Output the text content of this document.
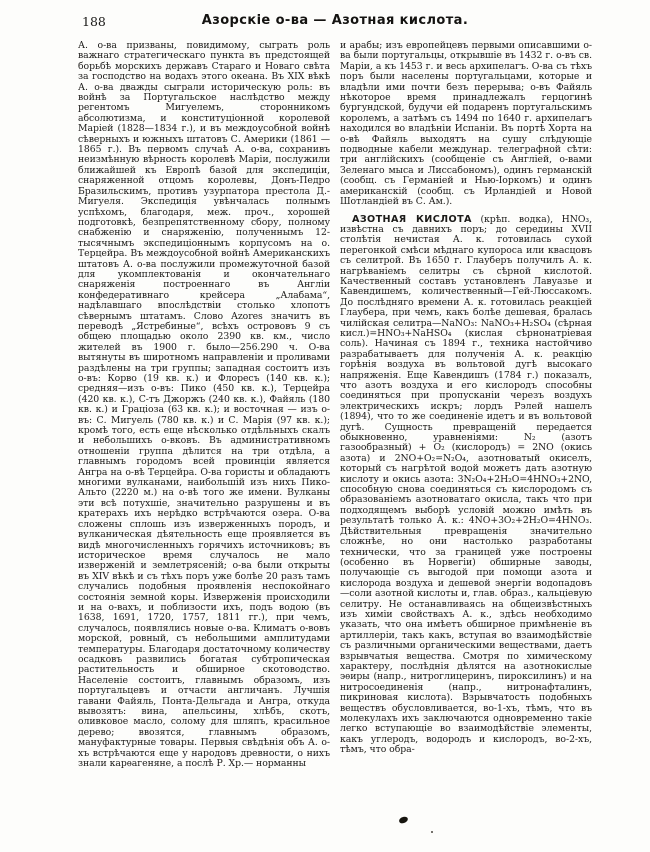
188	Азорскіе о-ва — Азотная кислота.

А. о-ва призваны, повидимому, сыграть роль важнаго стратегическаго пункта въ предстоящей борьбѣ морскихъ державъ Стараго и Новаго свѣта за господство на водахъ этого океана. Въ XIX вѣкѣ А. о-ва дважды сыграли историческую роль: въ войнѣ за Португальское наслѣдство между регентомъ Мигуелемъ, сторонникомъ абсолютизма, и конституціонной королевой Маріей (1828—1834 г.), и въ междоусобной войнѣ сѣверныхъ и южныхъ штатовъ С. Америки (1861 — 1865 г.). Въ первомъ случаѣ А. о-ва, сохранивъ неизмѣнную вѣрность королевѣ Маріи, послужили ближайшей къ Европѣ базой для экспедиціи, снаряженной отцомъ королевы, Донъ-Педро Бразильскимъ, противъ узурпатора престола Д.-Мигуеля. Экспедиція увѣнчалась полнымъ успѣхомъ, благодаря, меж. проч., хорошей подготовкѣ, безпрепятственному сбору, полному снабженію и снаряженію, полученнымъ 12-тысячнымъ экспедиціоннымъ корпусомъ на о. Терцейра. Въ междоусобной войнѣ Американскихъ штатовъ А. о-ва послужили промежуточной базой для укомплектованія и окончательнаго снаряженія построеннаго въ Англіи конфедеративнаго крейсера „Алабама“, надѣлавшаго впослѣдствіи столько хлопотъ сѣвернымъ штатамъ. Слово Azores значитъ въ переводѣ „Ястребиные“, всѣхъ острововъ 9 съ общею площадью около 2390 кв. км., число жителей въ 1900 г. было—256.290 ч. О-ва вытянуты въ широтномъ направленіи и проливами раздѣлены на три группы; западная состоитъ изъ о-въ: Корво (19 кв. к.) и Флоресъ (140 кв. к.); средняя—изъ о-въ: Пико (450 кв. к.), Терцейра (420 кв. к.), С-тъ Джоржъ (240 кв. к.), Файяль (180 кв. к.) и Граціоза (63 кв. к.); и восточная — изъ о-въ: С. Мигуель (780 кв. к.) и С. Марія (97 кв. к.); кромѣ того, есть еще нѣсколько отдѣльныхъ скалъ и небольшихъ о-вковъ. Въ административномъ отношеніи группа дѣлится на три отдѣла, а главнымъ городомъ всей провинціи является Ангра на о-вѣ Терцейра. О-ва гористы и обладаютъ многими вулканами, наибольшій изъ нихъ Пико-Альто (2220 м.) на о-вѣ того же имени. Вулканы эти всѣ потухшіе, значительно разрушены и въ кратерахъ ихъ нерѣдко встрѣчаются озера. О-ва сложены сплошь изъ изверженныхъ породъ, и вулканическая дѣятельность еще проявляется въ видѣ многочисленныхъ горячихъ источниковъ; въ историческое время случалось не мало изверженій и землетрясеній; о-ва были открыты въ XIV вѣкѣ и съ тѣхъ поръ уже болѣе 20 разъ тамъ случались подобныя проявленія неспокойнаго состоянія земной коры. Изверженія происходили и на о-вахъ, и поблизости ихъ, подъ водою (въ 1638, 1691, 1720, 1757, 1811 гг.), при чемъ, случалось, появлялись новые о-ва. Климатъ о-вовъ морской, ровный, съ небольшими амплитудами температуры. Благодаря достаточному количеству осадковъ развились богатая субтропическая растительность и обширное скотоводство. Населеніе состоитъ, главнымъ образомъ, изъ португальцевъ и отчасти англичанъ. Лучшія гавани Файяль, Понта-Дельгада и Ангра, откуда вывозятъ: вина, апельсины, хлѣбъ, скотъ, оливковое масло, солому для шляпъ, красильное дерево; ввозятся, главнымъ образомъ, мануфактурные товары. Первыя свѣдѣнія объ А. о-хъ встрѣчаются еще у народовъ древности, о нихъ знали карѳагеняне, а послѣ Р. Хр.— норманны

и арабы; изъ европейцевъ первыми описавшими о-ва были португальцы, открывшіе въ 1432 г. о-въ св. Маріи, а къ 1453 г. и весь архипелагъ. О-ва съ тѣхъ поръ были населены португальцами, которые и владѣли ими почти безъ перерыва; о-въ Файяль нѣкоторое время принадлежалъ герцогинѣ бургундской, будучи ей подаренъ португальскимъ королемъ, а затѣмъ съ 1494 по 1640 г. архипелагъ находился во владѣніи Испаніи. Въ портѣ Хорта на о-вѣ Файяль выходятъ на сушу слѣдующіе подводные кабели междунар. телеграфной сѣти: три англійскихъ (сообщеніе съ Англіей, о-вами Зеленаго мыса и Лиссабономъ), одинъ германскій (сообщ. съ Германіей и Нью-Іоркомъ) и одинъ американскій (сообщ. съ Ирландіей и Новой Шотландіей въ С. Ам.).

АЗОТНАЯ КИСЛОТА (крѣп. водка), HNO₃, извѣстна съ давнихъ поръ; до середины XVII столѣтія нечистая А. к. готовилась сухой перегонкой смѣси мѣднаго купороса или квасцовъ съ селитрой. Въ 1650 г. Глауберъ получилъ А. к. нагрѣваніемъ селитры съ сѣрной кислотой. Качественный составъ установленъ Лавуазье и Кавендишемъ, количественный—Гей-Люссакомъ. До послѣдняго времени А. к. готовилась реакціей Глаубера, при чемъ, какъ болѣе дешевая, бралась чилійская селитра—NaNO₃: NaNO₃+H₂SO₄ (сѣрная кисл.)=HNO₃+NaHSO₄ (кислая сѣрнонатріевая соль). Начиная съ 1894 г., техника настойчиво разрабатываетъ для полученія А. к. реакцію горѣнія воздуха въ вольтовой дугѣ высокаго напряженія. Еще Кавендишъ (1784 г.) показалъ, что азотъ воздуха и его кислородъ способны соединяться при пропусканіи черезъ воздухъ электрическихъ искръ; лордъ Рэлей нашелъ (1894), что то же соединеніе идетъ и въ вольтовой дугѣ. Сущность превращеній передается обыкновенно, уравненіями: N₂ (азотъ газообразный) + O₂ (кислородъ) = 2NO (окись азота) и 2NO+O₂=N₂O₄, азотноватый окиселъ, который съ нагрѣтой водой можетъ дать азотную кислоту и окись азота: 3N₂O₄+2H₂O=4HNO₃+2NO, способную снова соединяться съ кислородомъ съ образованіемъ азотноватаго окисла, такъ что при подходящемъ выборѣ условій можно имѣть въ результатѣ только А. к.: 4NO+3O₂+2H₂O=4HNO₃. Дѣйствительныя превращенія значительно сложнѣе, но они настолько разработаны технически, что за границей уже построены (особенно въ Норвегіи) обширные заводы, получающіе съ выгодой при помощи азота и кислорода воздуха и дешевой энергіи водопадовъ—соли азотной кислоты и, глав. образ., кальціевую селитру. Не останавливаясь на общеизвѣстныхъ изъ химіи свойствахъ А. к., здѣсь необходимо указать, что она имѣетъ обширное примѣненіе въ артиллеріи, такъ какъ, вступая во взаимодѣйствіе съ различными органическими веществами, даетъ взрывчатыя вещества. Смотря по химическому характеру, послѣднія дѣлятся на азотнокислые эѳиры (напр., нитроглицеринъ, пироксилинъ) и на нитросоединенія (напр., нитронафталинъ, пикриновая кислота). Взрывчатость подобныхъ веществъ обусловливается, во-1-хъ, тѣмъ, что въ молекулахъ ихъ заключаются одновременно такіе легко вступающіе во взаимодѣйствіе элементы, какъ углеродъ, водородъ и кислородъ, во-2-хъ, тѣмъ, что обра-
